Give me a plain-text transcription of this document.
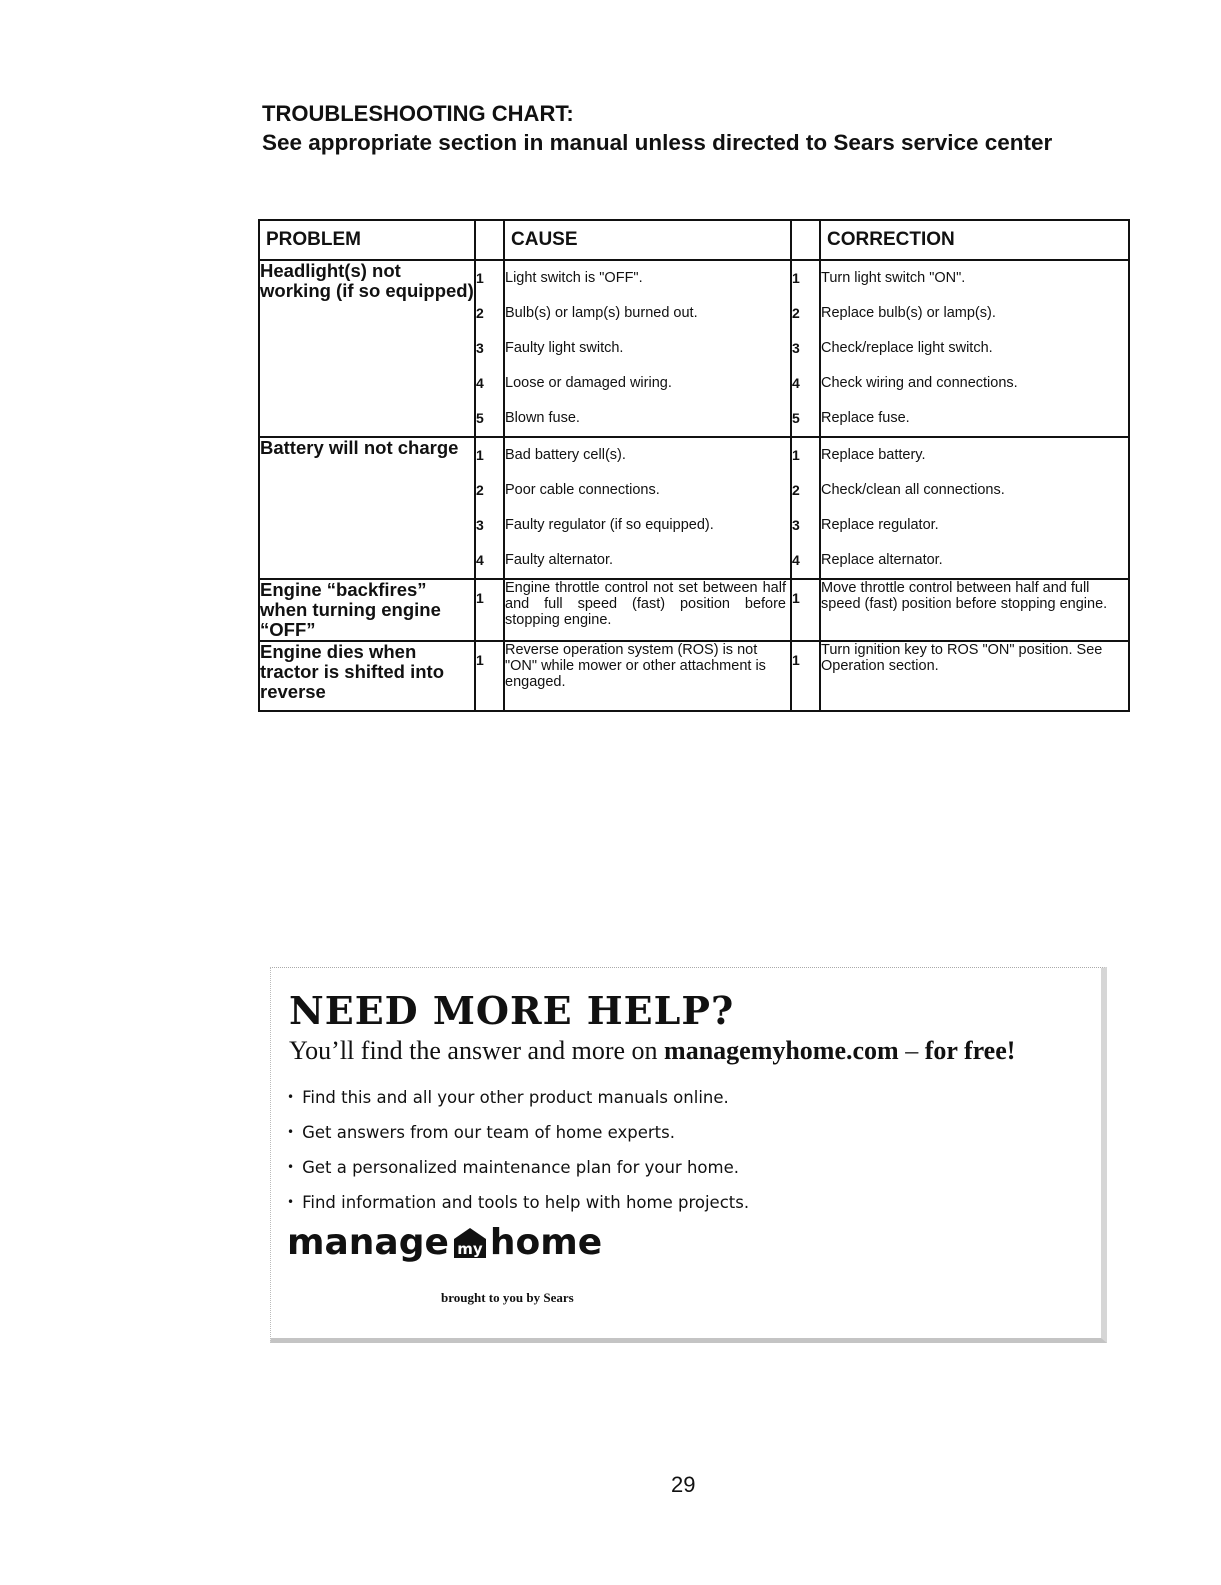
TROUBLESHOOTING CHART:
See appropriate section in manual unless directed to Sears service center
PROBLEM		CAUSE		CORRECTION
Headlight(s) not working (if so equipped)	1	Light switch is "OFF".	1	Turn light switch "ON".
	2	Bulb(s) or lamp(s) burned out.	2	Replace bulb(s) or lamp(s).
	3	Faulty light switch.	3	Check/replace light switch.
	4	Loose or damaged wiring.	4	Check wiring and connections.
	5	Blown fuse.	5	Replace fuse.
Battery will not charge	1	Bad battery cell(s).	1	Replace battery.
	2	Poor cable connections.	2	Check/clean all connections.
	3	Faulty regulator (if so equipped).	3	Replace regulator.
	4	Faulty alternator.	4	Replace alternator.
Engine “backfires” when turning engine “OFF”	1	Engine throttle control not set between half and full speed (fast) position before stopping engine.	1	Move throttle control between half and full speed (fast) position before stopping engine.
Engine dies when tractor is shifted into reverse	1	Reverse operation system (ROS) is not "ON" while mower or other attachment is engaged.	1	Turn ignition key to ROS "ON" position. See Operation section.
NEED MORE HELP?
You’ll find the answer and more on managemyhome.com – for free!
• Find this and all your other product manuals online.
• Get answers from our team of home experts.
• Get a personalized maintenance plan for your home.
• Find information and tools to help with home projects.
manage my home
brought to you by Sears
29
